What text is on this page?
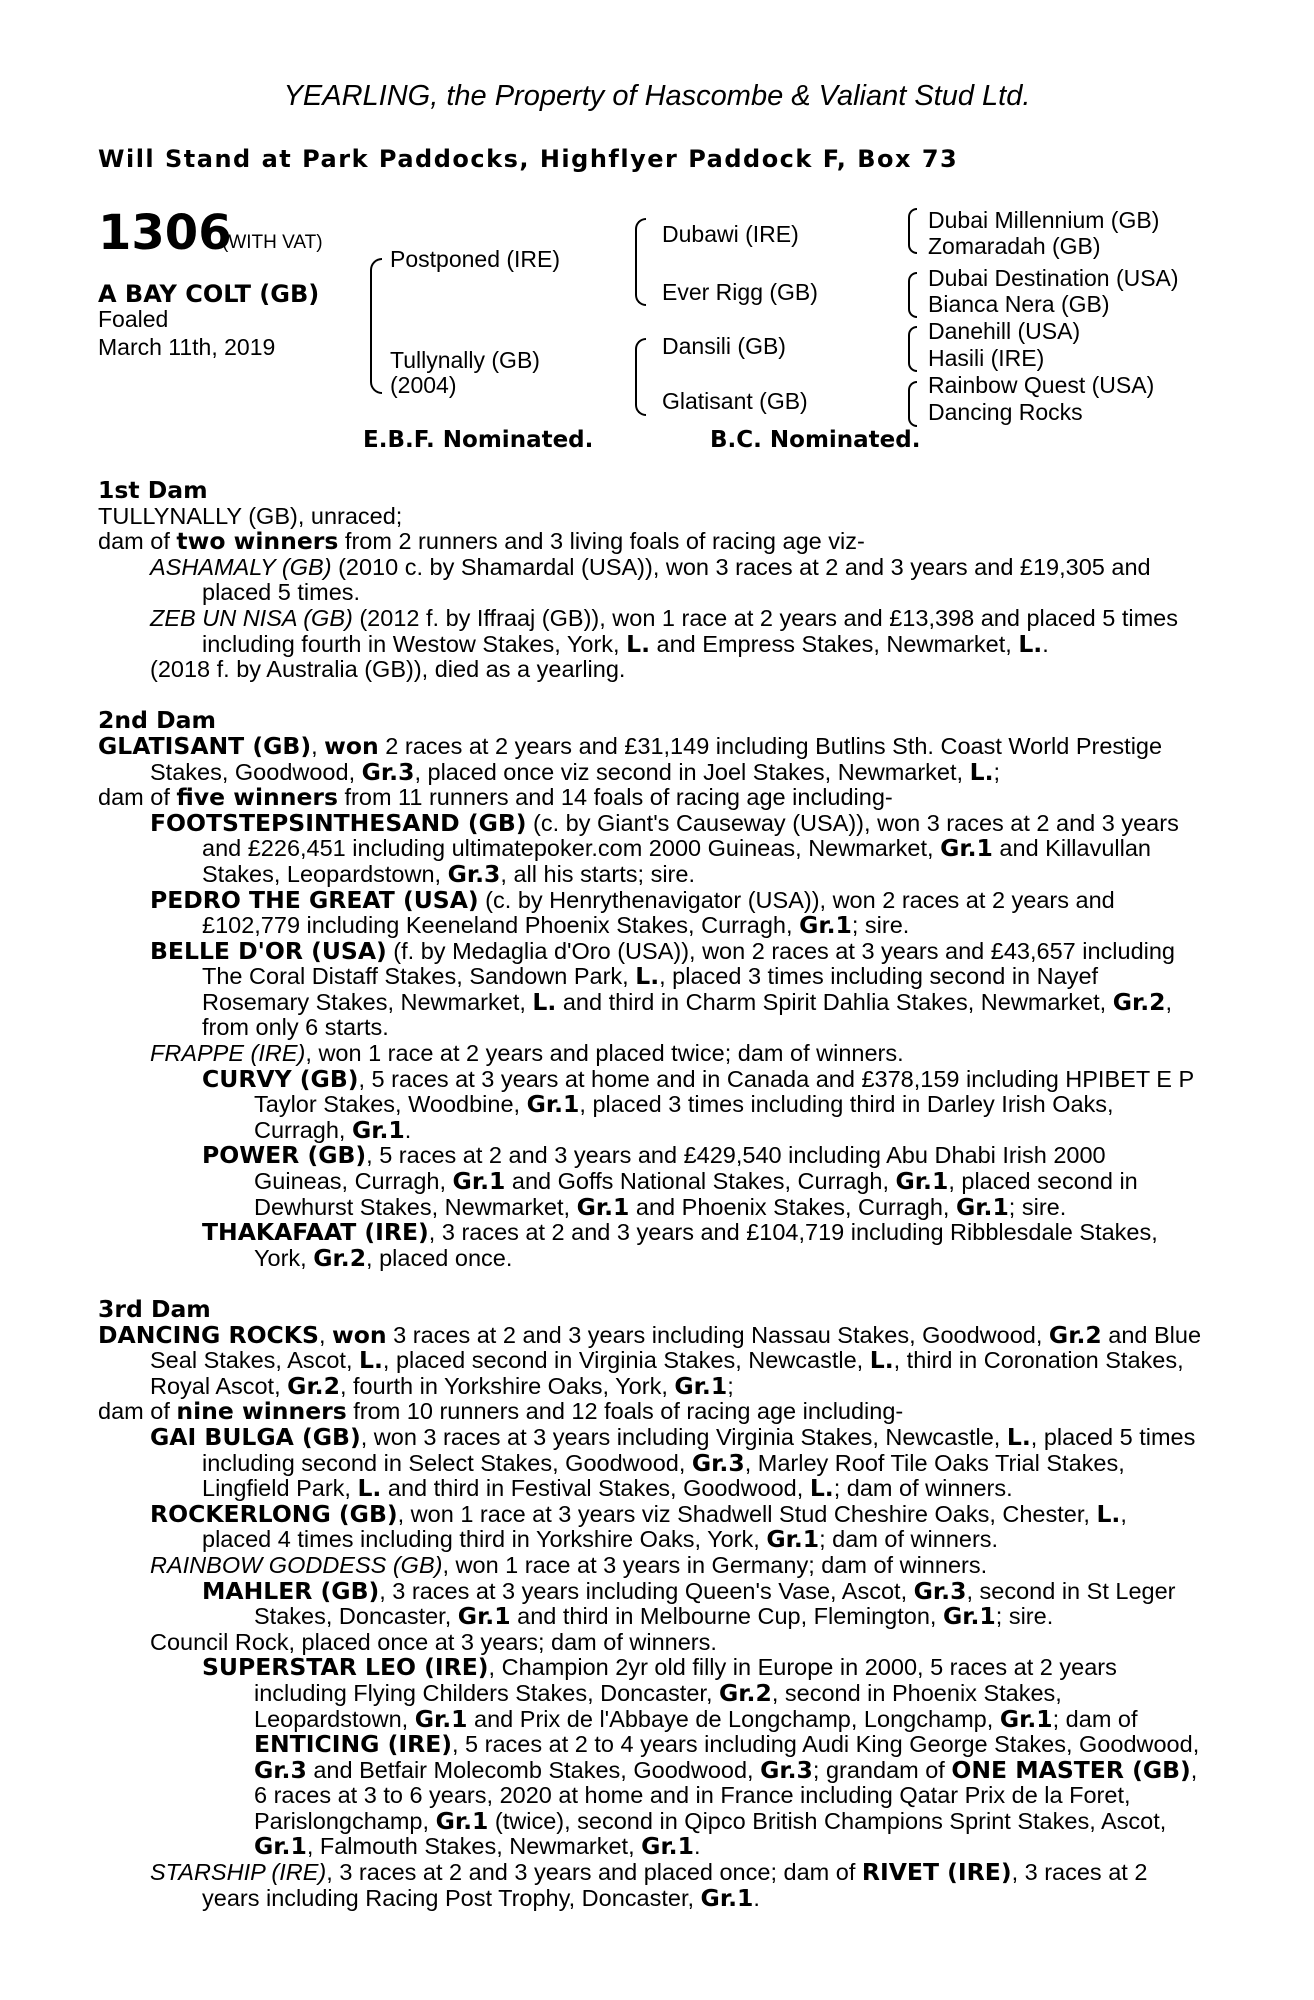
YEARLING, the Property of Hascombe & Valiant Stud Ltd.
Will Stand at Park Paddocks, Highflyer Paddock F, Box 73
1306
(WITH VAT)
A BAY COLT (GB)
Foaled
March 11th, 2019
Postponed (IRE)
Tullynally (GB)
(2004)
Dubawi (IRE)
Ever Rigg (GB)
Dansili (GB)
Glatisant (GB)
Dubai Millennium (GB)
Zomaradah (GB)
Dubai Destination (USA)
Bianca Nera (GB)
Danehill (USA)
Hasili (IRE)
Rainbow Quest (USA)
Dancing Rocks
E.B.F. Nominated.	B.C. Nominated.
1st Dam
TULLYNALLY (GB), unraced;
dam of two winners from 2 runners and 3 living foals of racing age viz-
ASHAMALY (GB) (2010 c. by Shamardal (USA)), won 3 races at 2 and 3 years and £19,305 and placed 5 times.
ZEB UN NISA (GB) (2012 f. by Iffraaj (GB)), won 1 race at 2 years and £13,398 and placed 5 times including fourth in Westow Stakes, York, L. and Empress Stakes, Newmarket, L..
(2018 f. by Australia (GB)), died as a yearling.
2nd Dam
GLATISANT (GB), won 2 races at 2 years and £31,149 including Butlins Sth. Coast World Prestige Stakes, Goodwood, Gr.3, placed once viz second in Joel Stakes, Newmarket, L.;
dam of five winners from 11 runners and 14 foals of racing age including-
FOOTSTEPSINTHESAND (GB) (c. by Giant's Causeway (USA)), won 3 races at 2 and 3 years and £226,451 including ultimatepoker.com 2000 Guineas, Newmarket, Gr.1 and Killavullan Stakes, Leopardstown, Gr.3, all his starts; sire.
PEDRO THE GREAT (USA) (c. by Henrythenavigator (USA)), won 2 races at 2 years and £102,779 including Keeneland Phoenix Stakes, Curragh, Gr.1; sire.
BELLE D'OR (USA) (f. by Medaglia d'Oro (USA)), won 2 races at 3 years and £43,657 including The Coral Distaff Stakes, Sandown Park, L., placed 3 times including second in Nayef Rosemary Stakes, Newmarket, L. and third in Charm Spirit Dahlia Stakes, Newmarket, Gr.2, from only 6 starts.
FRAPPE (IRE), won 1 race at 2 years and placed twice; dam of winners.
CURVY (GB), 5 races at 3 years at home and in Canada and £378,159 including HPIBET E P Taylor Stakes, Woodbine, Gr.1, placed 3 times including third in Darley Irish Oaks, Curragh, Gr.1.
POWER (GB), 5 races at 2 and 3 years and £429,540 including Abu Dhabi Irish 2000 Guineas, Curragh, Gr.1 and Goffs National Stakes, Curragh, Gr.1, placed second in Dewhurst Stakes, Newmarket, Gr.1 and Phoenix Stakes, Curragh, Gr.1; sire.
THAKAFAAT (IRE), 3 races at 2 and 3 years and £104,719 including Ribblesdale Stakes, York, Gr.2, placed once.
3rd Dam
DANCING ROCKS, won 3 races at 2 and 3 years including Nassau Stakes, Goodwood, Gr.2 and Blue Seal Stakes, Ascot, L., placed second in Virginia Stakes, Newcastle, L., third in Coronation Stakes, Royal Ascot, Gr.2, fourth in Yorkshire Oaks, York, Gr.1;
dam of nine winners from 10 runners and 12 foals of racing age including-
GAI BULGA (GB), won 3 races at 3 years including Virginia Stakes, Newcastle, L., placed 5 times including second in Select Stakes, Goodwood, Gr.3, Marley Roof Tile Oaks Trial Stakes, Lingfield Park, L. and third in Festival Stakes, Goodwood, L.; dam of winners.
ROCKERLONG (GB), won 1 race at 3 years viz Shadwell Stud Cheshire Oaks, Chester, L., placed 4 times including third in Yorkshire Oaks, York, Gr.1; dam of winners.
RAINBOW GODDESS (GB), won 1 race at 3 years in Germany; dam of winners.
MAHLER (GB), 3 races at 3 years including Queen's Vase, Ascot, Gr.3, second in St Leger Stakes, Doncaster, Gr.1 and third in Melbourne Cup, Flemington, Gr.1; sire.
Council Rock, placed once at 3 years; dam of winners.
SUPERSTAR LEO (IRE), Champion 2yr old filly in Europe in 2000, 5 races at 2 years including Flying Childers Stakes, Doncaster, Gr.2, second in Phoenix Stakes, Leopardstown, Gr.1 and Prix de l'Abbaye de Longchamp, Longchamp, Gr.1; dam of ENTICING (IRE), 5 races at 2 to 4 years including Audi King George Stakes, Goodwood, Gr.3 and Betfair Molecomb Stakes, Goodwood, Gr.3; grandam of ONE MASTER (GB), 6 races at 3 to 6 years, 2020 at home and in France including Qatar Prix de la Foret, Parislongchamp, Gr.1 (twice), second in Qipco British Champions Sprint Stakes, Ascot, Gr.1, Falmouth Stakes, Newmarket, Gr.1.
STARSHIP (IRE), 3 races at 2 and 3 years and placed once; dam of RIVET (IRE), 3 races at 2 years including Racing Post Trophy, Doncaster, Gr.1.
